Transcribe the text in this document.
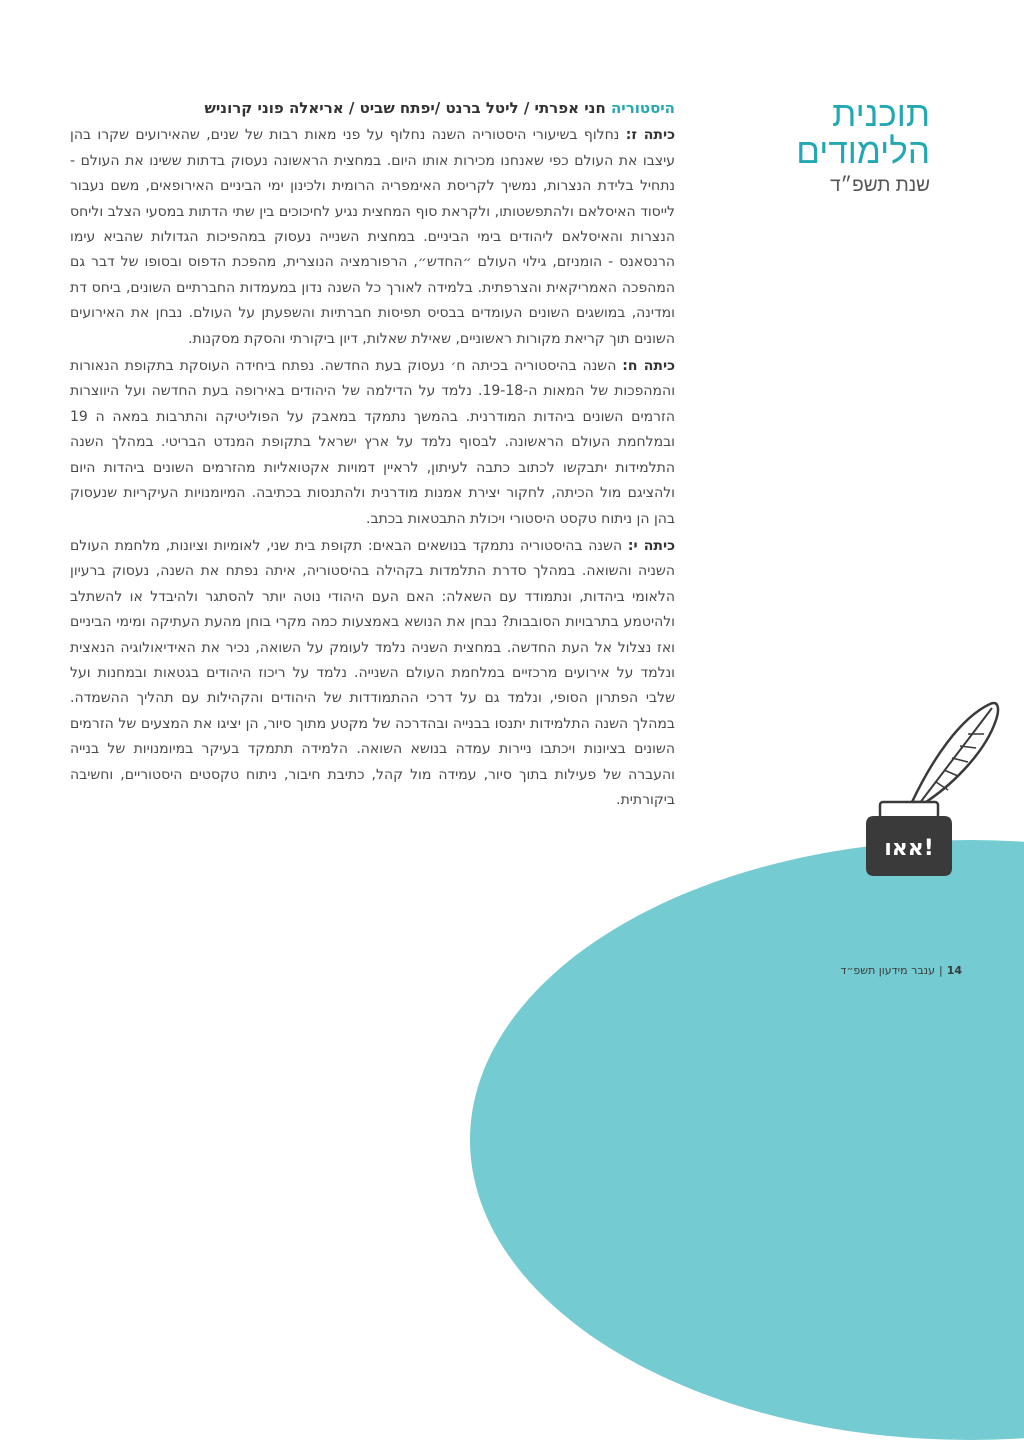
תוכנית
הלימודים
שנת תשפ״ד
היסטוריה חני אפרתי / ליטל ברנט /יפתח שביט / אריאלה פוני קרוניש

כיתה ז: נחלוף בשיעורי היסטוריה השנה נחלוף על פני מאות רבות של שנים, שהאירועים שקרו בהן עיצבו את העולם כפי שאנחנו מכירות אותו היום. במחצית הראשונה נעסוק בדתות ששינו את העולם - נתחיל בלידת הנצרות, נמשיך לקריסת האימפריה הרומית ולכינון ימי הביניים האירופאים, משם נעבור לייסוד האיסלאם ולהתפשטותו, ולקראת סוף המחצית נגיע לחיכוכים בין שתי הדתות במסעי הצלב וליחס הנצרות והאיסלאם ליהודים בימי הביניים. במחצית השנייה נעסוק במהפיכות הגדולות שהביא עימו הרנסאנס - הומניזם, גילוי העולם ״החדש״, הרפורמציה הנוצרית, מהפכת הדפוס ובסופו של דבר גם המהפכה האמריקאית והצרפתית. בלמידה לאורך כל השנה נדון במעמדות החברתיים השונים, ביחס דת ומדינה, במושגים השונים העומדים בבסיס תפיסות חברתיות והשפעתן על העולם. נבחן את האירועים השונים תוך קריאת מקורות ראשוניים, שאילת שאלות, דיון ביקורתי והסקת מסקנות.

כיתה ח: השנה בהיסטוריה בכיתה ח׳ נעסוק בעת החדשה. נפתח ביחידה העוסקת בתקופת הנאורות והמהפכות של המאות ה-19-18. נלמד על הדילמה של היהודים באירופה בעת החדשה ועל היווצרות הזרמים השונים ביהדות המודרנית. בהמשך נתמקד במאבק על הפוליטיקה והתרבות במאה ה 19 ובמלחמת העולם הראשונה. לבסוף נלמד על ארץ ישראל בתקופת המנדט הבריטי. במהלך השנה התלמידות יתבקשו לכתוב כתבה לעיתון, לראיין דמויות אקטואליות מהזרמים השונים ביהדות היום ולהציגם מול הכיתה, לחקור יצירת אמנות מודרנית ולהתנסות בכתיבה. המיומנויות העיקריות שנעסוק בהן הן ניתוח טקסט היסטורי ויכולת התבטאות בכתב.

כיתה י: השנה בהיסטוריה נתמקד בנושאים הבאים: תקופת בית שני, לאומיות וציונות, מלחמת העולם השניה והשואה. במהלך סדרת התלמדות בקהילה בהיסטוריה, איתה נפתח את השנה, נעסוק ברעיון הלאומי ביהדות, ונתמודד עם השאלה: האם העם היהודי נוטה יותר להסתגר ולהיבדל או להשתלב ולהיטמע בתרבויות הסובבות? נבחן את הנושא באמצעות כמה מקרי בוחן מהעת העתיקה ומימי הביניים ואז נצלול אל העת החדשה. במחצית השניה נלמד לעומק על השואה, נכיר את האידיאולוגיה הנאצית ונלמד על אירועים מרכזיים במלחמת העולם השנייה. נלמד על ריכוז היהודים בגטאות ובמחנות ועל שלבי הפתרון הסופי, ונלמד גם על דרכי ההתמודדות של היהודים והקהילות עם תהליך ההשמדה. במהלך השנה התלמידות יתנסו בבנייה ובהדרכה של מקטע מתוך סיור, הן יציגו את המצעים של הזרמים השונים בציונות ויכתבו ניירות עמדה בנושא השואה. הלמידה תתמקד בעיקר במיומנויות של בנייה והעברה של פעילות בתוך סיור, עמידה מול קהל, כתיבת חיבור, ניתוח טקסטים היסטוריים, וחשיבה ביקורתית.

!אאו
14|ענבר מידעון תשפ״ד
